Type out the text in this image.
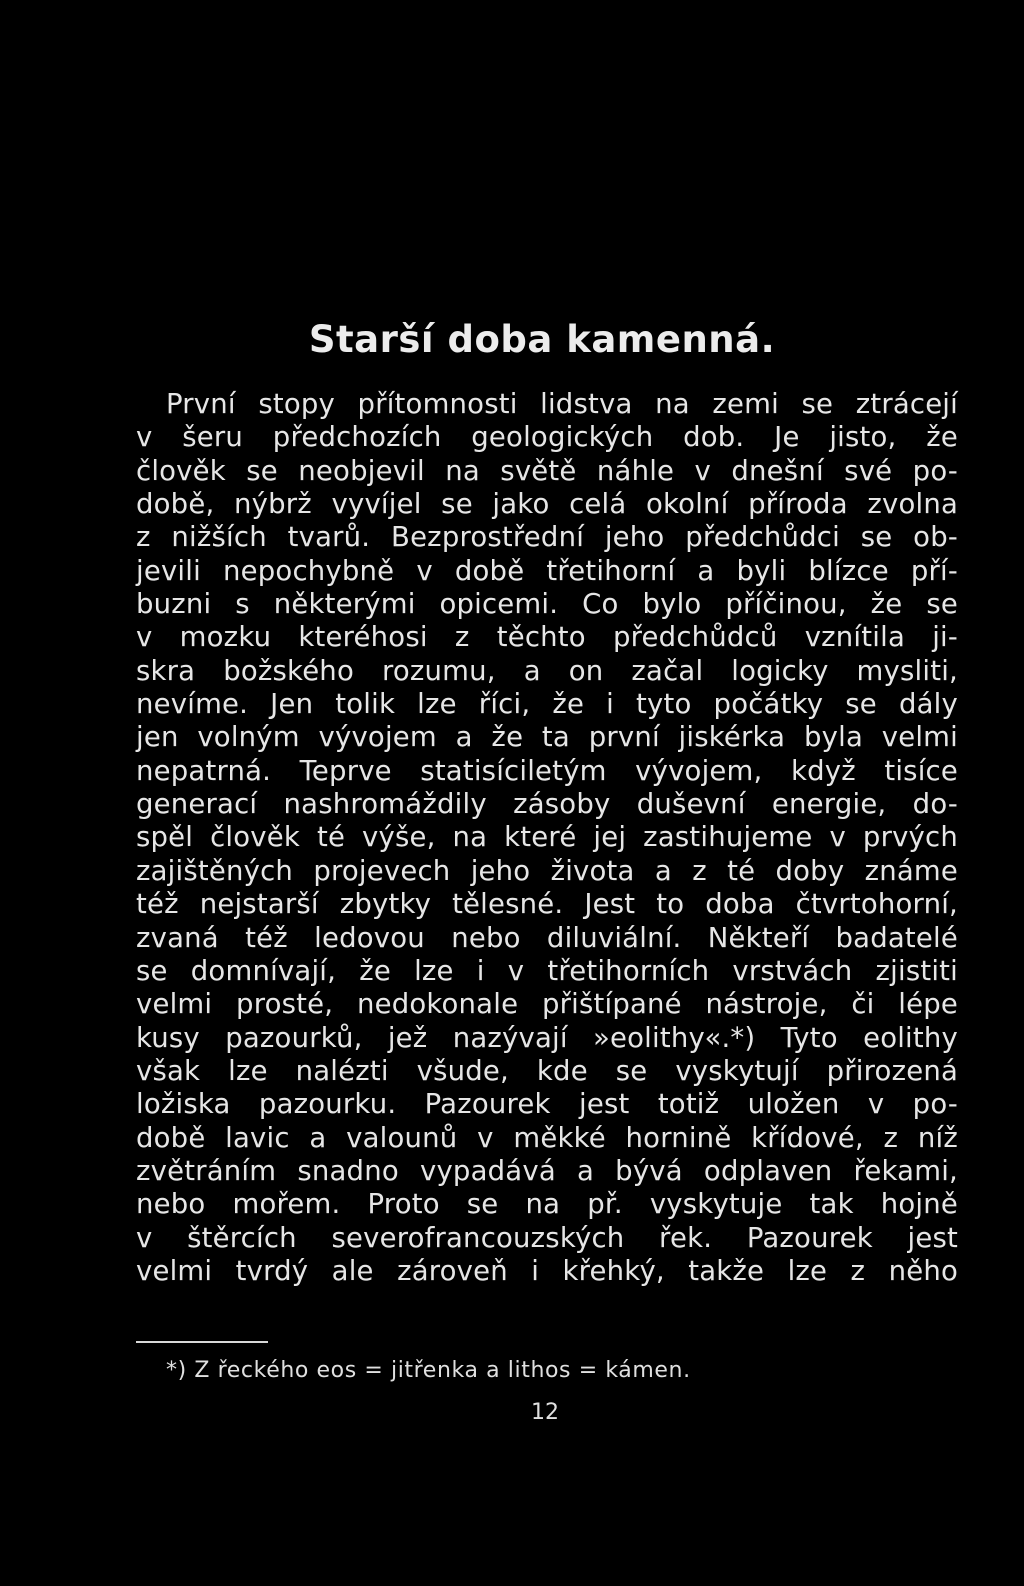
Starší doba kamenná.
První stopy přítomnosti lidstva na zemi se ztrácejí
v šeru předchozích geologických dob. Je jisto, že
člověk se neobjevil na světě náhle v dnešní své po-
době, nýbrž vyvíjel se jako celá okolní příroda zvolna
z nižších tvarů. Bezprostřední jeho předchůdci se ob-
jevili nepochybně v době třetihorní a byli blízce pří-
buzni s některými opicemi. Co bylo příčinou, že se
v mozku kteréhosi z těchto předchůdců vznítila ji-
skra božského rozumu, a on začal logicky mysliti,
nevíme. Jen tolik lze říci, že i tyto počátky se dály
jen volným vývojem a že ta první jiskérka byla velmi
nepatrná. Teprve statisíciletým vývojem, když tisíce
generací nashromáždily zásoby duševní energie, do-
spěl člověk té výše, na které jej zastihujeme v prvých
zajištěných projevech jeho života a z té doby známe
též nejstarší zbytky tělesné. Jest to doba čtvrtohorní,
zvaná též ledovou nebo diluviální. Někteří badatelé
se domnívají, že lze i v třetihorních vrstvách zjistiti
velmi prosté, nedokonale přištípané nástroje, či lépe
kusy pazourků, jež nazývají »eolithy«.*) Tyto eolithy
však lze nalézti všude, kde se vyskytují přirozená
ložiska pazourku. Pazourek jest totiž uložen v po-
době lavic a valounů v měkké hornině křídové, z níž
zvětráním snadno vypadává a bývá odplaven řekami,
nebo mořem. Proto se na př. vyskytuje tak hojně
v štěrcích severofrancouzských řek. Pazourek jest
velmi tvrdý ale zároveň i křehký, takže lze z něho
*) Z řeckého eos = jitřenka a lithos = kámen.
12
